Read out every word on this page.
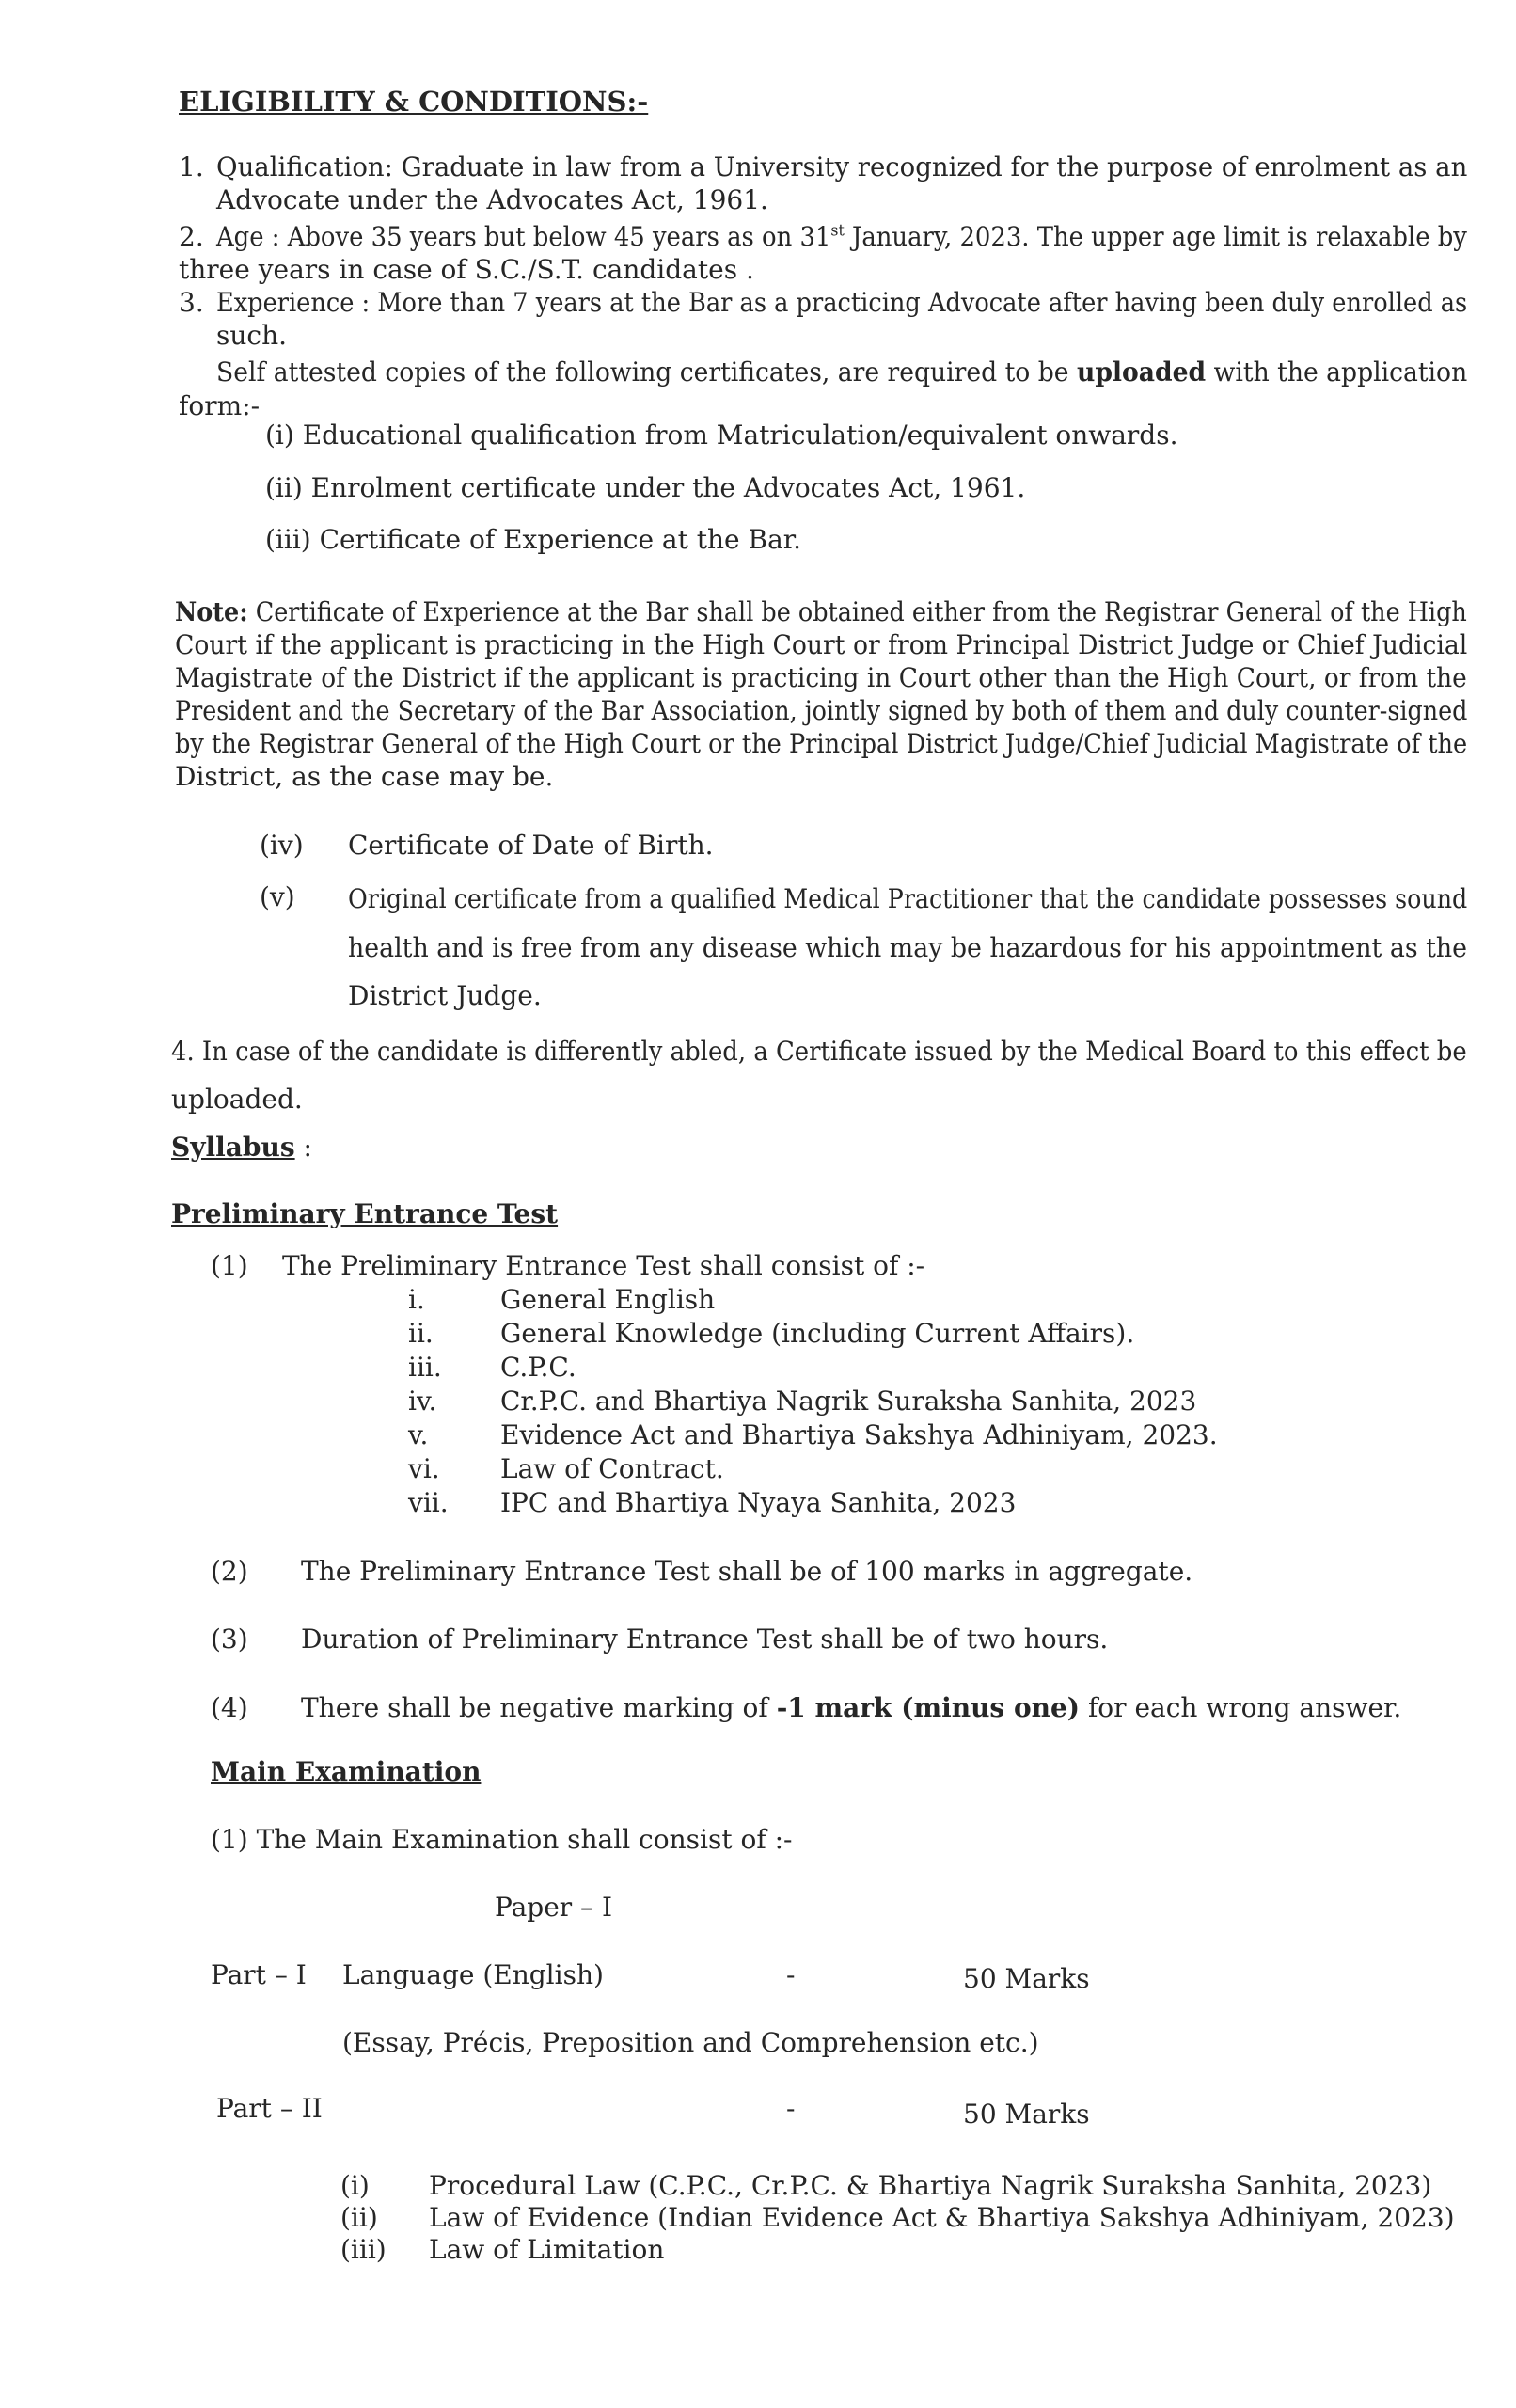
ELIGIBILITY & CONDITIONS:-
1. Qualification: Graduate in law from a University recognized for the purpose of enrolment as an
Advocate under the Advocates Act, 1961.
2. Age : Above 35 years but below 45 years as on 31st January, 2023. The upper age limit is relaxable by
three years in case of S.C./S.T. candidates .
3. Experience : More than 7 years at the Bar as a practicing Advocate after having been duly enrolled as
such.
Self attested copies of the following certificates, are required to be uploaded with the application
form:-
(i) Educational qualification from Matriculation/equivalent onwards.
(ii) Enrolment certificate under the Advocates Act, 1961.
(iii) Certificate of Experience at the Bar.
Note: Certificate of Experience at the Bar shall be obtained either from the Registrar General of the High
Court if the applicant is practicing in the High Court or from Principal District Judge or Chief Judicial
Magistrate of the District if the applicant is practicing in Court other than the High Court, or from the
President and the Secretary of the Bar Association, jointly signed by both of them and duly counter-signed
by the Registrar General of the High Court or the Principal District Judge/Chief Judicial Magistrate of the
District, as the case may be.
(iv) Certificate of Date of Birth.
(v) Original certificate from a qualified Medical Practitioner that the candidate possesses sound
health and is free from any disease which may be hazardous for his appointment as the
District Judge.
4. In case of the candidate is differently abled, a Certificate issued by the Medical Board to this effect be
uploaded.
Syllabus :
Preliminary Entrance Test
(1) The Preliminary Entrance Test shall consist of :-
i.	General English
ii.	General Knowledge (including Current Affairs).
iii. C.P.C.
iv. Cr.P.C. and Bhartiya Nagrik Suraksha Sanhita, 2023
v.	Evidence Act and Bhartiya Sakshya Adhiniyam, 2023.
vi. Law of Contract.
vii. IPC and Bhartiya Nyaya Sanhita, 2023
(2) The Preliminary Entrance Test shall be of 100 marks in aggregate.
(3) Duration of Preliminary Entrance Test shall be of two hours.
(4) There shall be negative marking of -1 mark (minus one) for each wrong answer.
Main Examination
(1) The Main Examination shall consist of :-
Paper – I
Part – I Language (English)	-	50 Marks
(Essay, Précis, Preposition and Comprehension etc.)
Part – II	-	50 Marks
(i) Procedural Law (C.P.C., Cr.P.C. & Bhartiya Nagrik Suraksha Sanhita, 2023)
(ii) Law of Evidence (Indian Evidence Act & Bhartiya Sakshya Adhiniyam, 2023)
(iii) Law of Limitation
